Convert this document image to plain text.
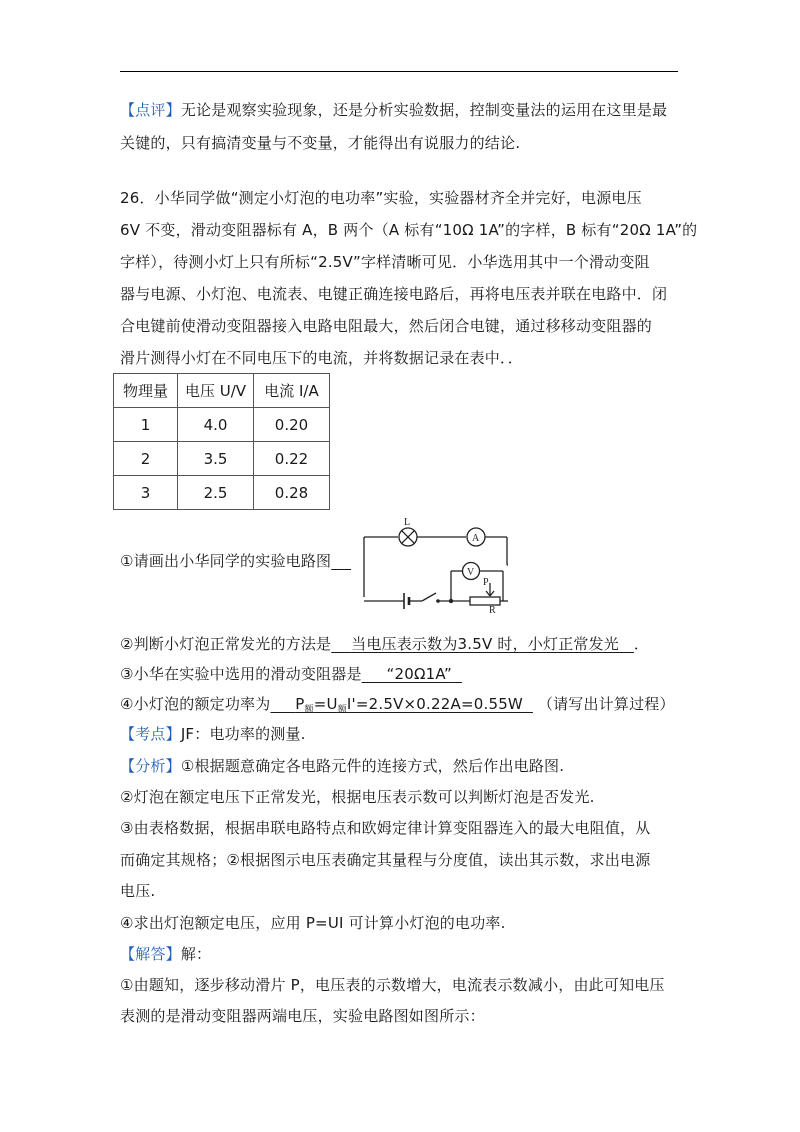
【点评】无论是观察实验现象，还是分析实验数据，控制变量法的运用在这里是最
关键的，只有搞清变量与不变量，才能得出有说服力的结论.
26．小华同学做“测定小灯泡的电功率”实验，实验器材齐全并完好，电源电压
6V 不变，滑动变阻器标有 A，B 两个（A 标有“10Ω 1A”的字样，B 标有“20Ω 1A”的
字样），待测小灯上只有所标“2.5V”字样清晰可见．小华选用其中一个滑动变阻
器与电源、小灯泡、电流表、电键正确连接电路后，再将电压表并联在电路中．闭
合电键前使滑动变阻器接入电路电阻最大，然后闭合电键，通过移移动变阻器的
滑片测得小灯在不同电压下的电流，并将数据记录在表中．．
物理量	电压 U/V	电流 I/A
1	4.0	0.20
2	3.5	0.22
3	2.5	0.28
L
A
V
P
R
①请画出小华同学的实验电路图
②判断小灯泡正常发光的方法是 当电压表示数为3.5V 时，小灯正常发光 ．
③小华在实验中选用的滑动变阻器是 “20Ω1A”
④小灯泡的额定功率为 $P_额=U_额I'=2.5V\times 0.22A=0.55W$ （请写出计算过程）
【考点】JF：电功率的测量.
【分析】①根据题意确定各电路元件的连接方式，然后作出电路图.
②灯泡在额定电压下正常发光，根据电压表示数可以判断灯泡是否发光.
③由表格数据，根据串联电路特点和欧姆定律计算变阻器连入的最大电阻值，从
而确定其规格；②根据图示电压表确定其量程与分度值，读出其示数，求出电源
电压.
④求出灯泡额定电压，应用 P=UI 可计算小灯泡的电功率.
【解答】解：
①由题知，逐步移动滑片 P，电压表的示数增大，电流表示数减小，由此可知电压
表测的是滑动变阻器两端电压，实验电路图如图所示：
